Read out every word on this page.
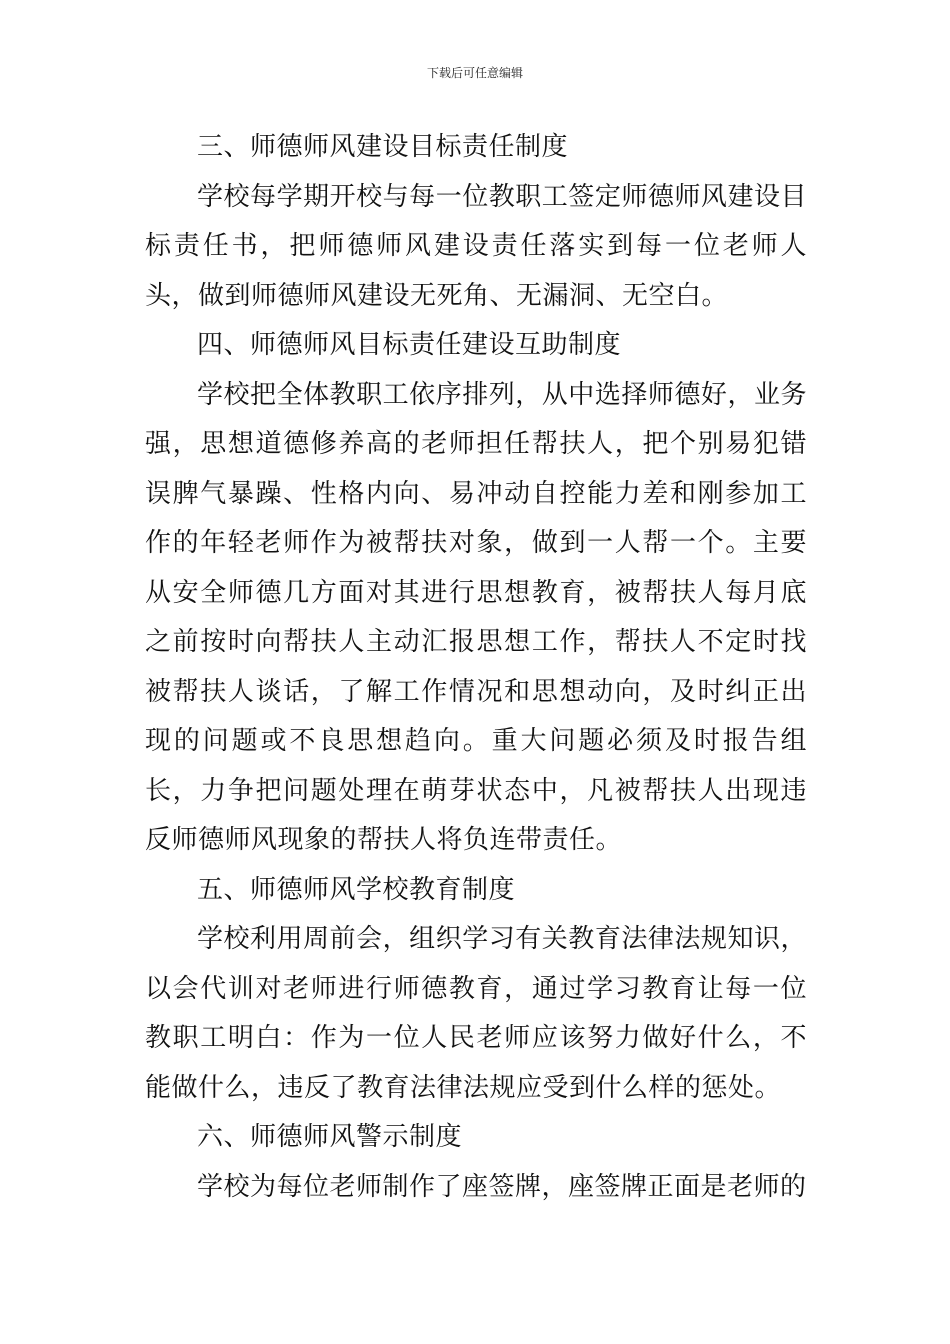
下载后可任意编辑

三、师德师风建设目标责任制度

学校每学期开校与每一位教职工签定师德师风建设目标责任书，把师德师风建设责任落实到每一位老师人头，做到师德师风建设无死角、无漏洞、无空白。

四、师德师风目标责任建设互助制度

学校把全体教职工依序排列，从中选择师德好，业务强，思想道德修养高的老师担任帮扶人，把个别易犯错误脾气暴躁、性格内向、易冲动自控能力差和刚参加工作的年轻老师作为被帮扶对象，做到一人帮一个。主要从安全师德几方面对其进行思想教育，被帮扶人每月底之前按时向帮扶人主动汇报思想工作，帮扶人不定时找被帮扶人谈话，了解工作情况和思想动向，及时纠正出现的问题或不良思想趋向。重大问题必须及时报告组长，力争把问题处理在萌芽状态中，凡被帮扶人出现违反师德师风现象的帮扶人将负连带责任。

五、师德师风学校教育制度

学校利用周前会，组织学习有关教育法律法规知识，以会代训对老师进行师德教育，通过学习教育让每一位教职工明白：作为一位人民老师应该努力做好什么，不能做什么，违反了教育法律法规应受到什么样的惩处。

六、师德师风警示制度

学校为每位老师制作了座签牌，座签牌正面是老师的
